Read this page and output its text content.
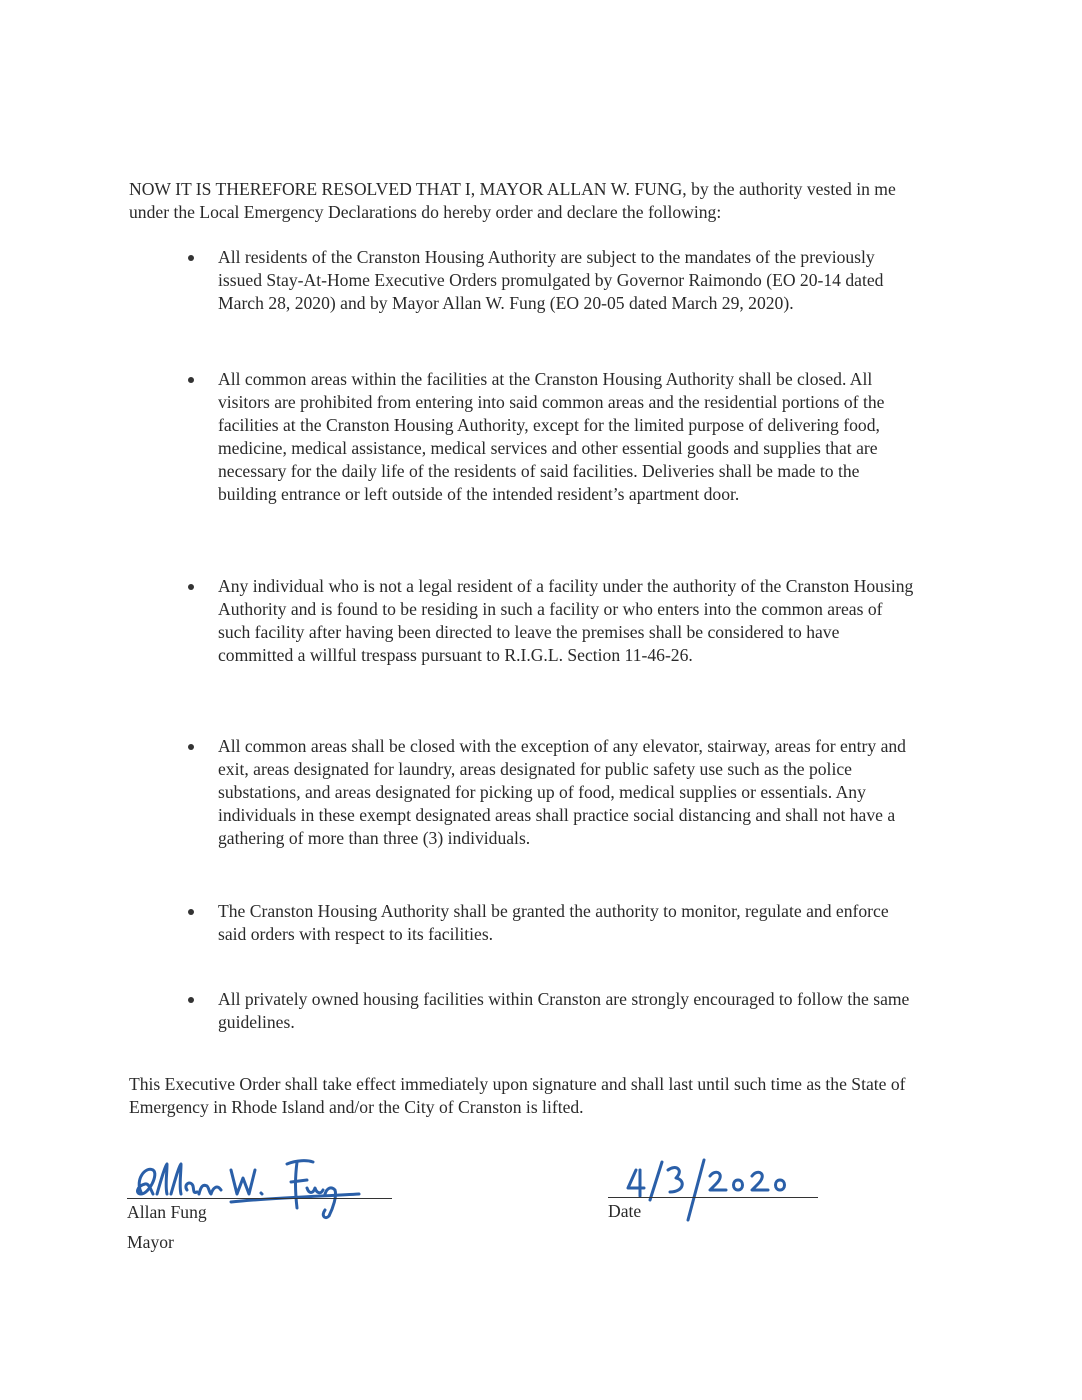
NOW IT IS THEREFORE RESOLVED THAT I, MAYOR ALLAN W. FUNG, by the authority vested in me under the Local Emergency Declarations do hereby order and declare the following:

All residents of the Cranston Housing Authority are subject to the mandates of the previously issued Stay-At-Home Executive Orders promulgated by Governor Raimondo (EO 20-14 dated March 28, 2020) and by Mayor Allan W. Fung (EO 20-05 dated March 29, 2020).
All common areas within the facilities at the Cranston Housing Authority shall be closed. All visitors are prohibited from entering into said common areas and the residential portions of the facilities at the Cranston Housing Authority, except for the limited purpose of delivering food, medicine, medical assistance, medical services and other essential goods and supplies that are necessary for the daily life of the residents of said facilities. Deliveries shall be made to the building entrance or left outside of the intended resident’s apartment door.
Any individual who is not a legal resident of a facility under the authority of the Cranston Housing Authority and is found to be residing in such a facility or who enters into the common areas of such facility after having been directed to leave the premises shall be considered to have committed a willful trespass pursuant to R.I.G.L. Section 11-46-26.
All common areas shall be closed with the exception of any elevator, stairway, areas for entry and exit, areas designated for laundry, areas designated for public safety use such as the police substations, and areas designated for picking up of food, medical supplies or essentials. Any individuals in these exempt designated areas shall practice social distancing and shall not have a gathering of more than three (3) individuals.
The Cranston Housing Authority shall be granted the authority to monitor, regulate and enforce said orders with respect to its facilities.
All privately owned housing facilities within Cranston are strongly encouraged to follow the same guidelines.

This Executive Order shall take effect immediately upon signature and shall last until such time as the State of Emergency in Rhode Island and/or the City of Cranston is lifted.

Allan Fung
Mayor
Date
